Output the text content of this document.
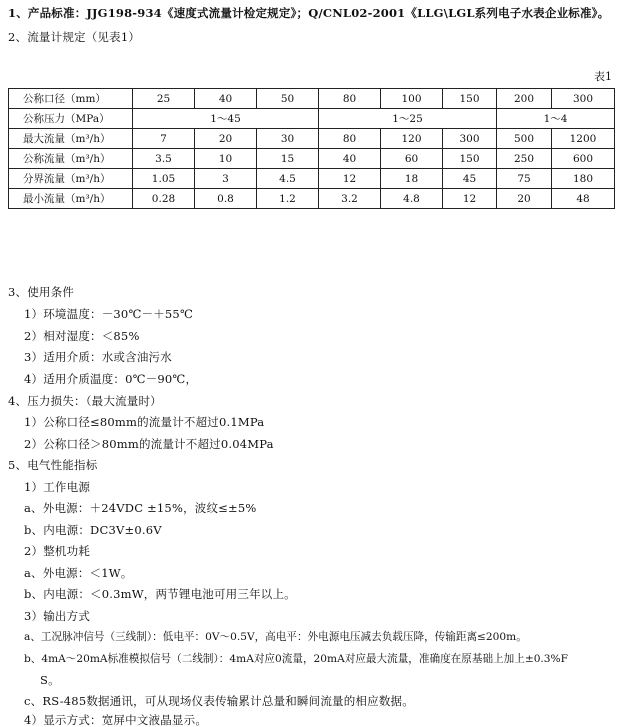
1、产品标准：JJG198-934《速度式流量计检定规定》；Q/CNL02-2001《LLG\LGL系列电子水表企业标准》。
2、流量计规定（见表1）
表1
公称口径（mm）	25	40	50	80	100	150	200	300
公称压力（MPa）	1～45			1～25			1～4	
最大流量（m³/h）	7	20	30	80	120	300	500	1200
公称流量（m³/h）	3.5	10	15	40	60	150	250	600
分界流量（m³/h）	1.05	3	4.5	12	18	45	75	180
最小流量（m³/h）	0.28	0.8	1.2	3.2	4.8	12	20	48
3、使用条件
1）环境温度：－30℃－＋55℃
2）相对湿度：＜85%
3）适用介质：水或含油污水
4）适用介质温度：0℃－90℃，
4、压力损失：（最大流量时）
1）公称口径≤80mm的流量计不超过0.1MPa
2）公称口径＞80mm的流量计不超过0.04MPa
5、电气性能指标
1）工作电源
a、外电源：＋24VDC ±15%，波纹≤±5%
b、内电源：DC3V±0.6V
2）整机功耗
a、外电源：＜1W。
b、内电源：＜0.3mW，两节锂电池可用三年以上。
3）输出方式
a、工况脉冲信号（三线制）：低电平：0V～0.5V，高电平：外电源电压减去负载压降，传输距离≤200m。
b、4mA～20mA标准模拟信号（二线制）：4mA对应0流量，20mA对应最大流量，准确度在原基础上加上±0.3%F
S。
c、RS-485数据通讯，可从现场仪表传输累计总量和瞬间流量的相应数据。
4）显示方式：宽屏中文液晶显示。
